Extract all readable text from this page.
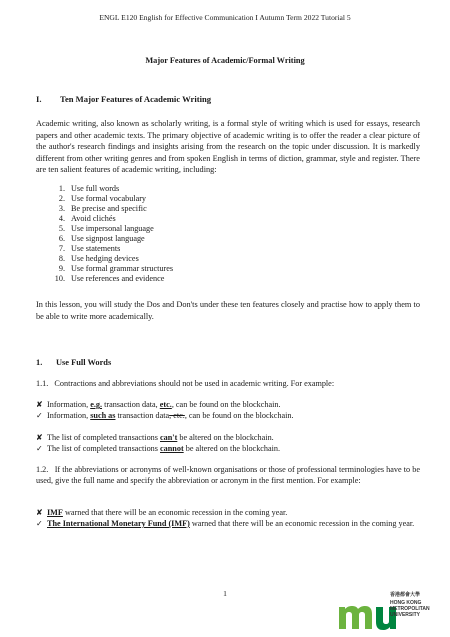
ENGL E120 English for Effective Communication I Autumn Term 2022 Tutorial 5
Major Features of Academic/Formal Writing
I. Ten Major Features of Academic Writing
Academic writing, also known as scholarly writing, is a formal style of writing which is used for essays, research papers and other academic texts. The primary objective of academic writing is to offer the reader a clear picture of the author's research findings and insights arising from the research on the topic under discussion. It is markedly different from other writing genres and from spoken English in terms of diction, grammar, style and register. There are ten salient features of academic writing, including:
1. Use full words
2. Use formal vocabulary
3. Be precise and specific
4. Avoid clichés
5. Use impersonal language
6. Use signpost language
7. Use statements
8. Use hedging devices
9. Use formal grammar structures
10. Use references and evidence
In this lesson, you will study the Dos and Don'ts under these ten features closely and practise how to apply them to be able to write more academically.
1. Use Full Words
1.1. Contractions and abbreviations should not be used in academic writing. For example:
✘ Information, e.g. transaction data, etc., can be found on the blockchain.
✓ Information, such as transaction data, etc., can be found on the blockchain.
✘ The list of completed transactions can't be altered on the blockchain.
✓ The list of completed transactions cannot be altered on the blockchain.
1.2. If the abbreviations or acronyms of well-known organisations or those of professional terminologies have to be used, give the full name and specify the abbreviation or acronym in the first mention. For example:
✘ IMF warned that there will be an economic recession in the coming year.
✓ The International Monetary Fund (IMF) warned that there will be an economic recession in the coming year.
1	香港都會大學
HONG KONG
METROPOLITAN
UNIVERSITY
